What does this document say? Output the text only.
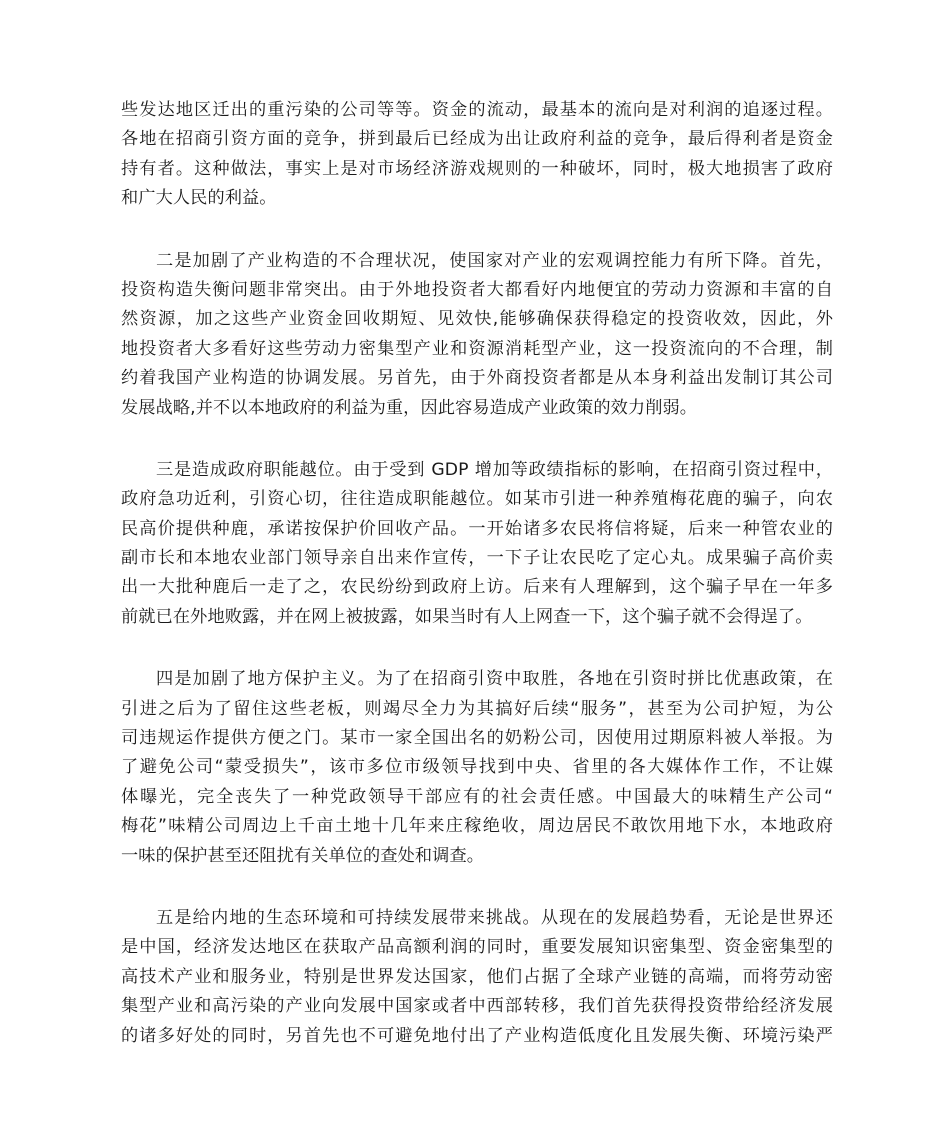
些发达地区迁出的重污染的公司等等。资金的流动，最基本的流向是对利润的追逐过程。
各地在招商引资方面的竞争，拼到最后已经成为出让政府利益的竞争，最后得利者是资金
持有者。这种做法，事实上是对市场经济游戏规则的一种破坏，同时，极大地损害了政府
和广大人民的利益。
二是加剧了产业构造的不合理状况，使国家对产业的宏观调控能力有所下降。首先，
投资构造失衡问题非常突出。由于外地投资者大都看好内地便宜的劳动力资源和丰富的自
然资源，加之这些产业资金回收期短、见效快,能够确保获得稳定的投资收效，因此，外
地投资者大多看好这些劳动力密集型产业和资源消耗型产业，这一投资流向的不合理，制
约着我国产业构造的协调发展。另首先，由于外商投资者都是从本身利益出发制订其公司
发展战略,并不以本地政府的利益为重，因此容易造成产业政策的效力削弱。
三是造成政府职能越位。由于受到 GDP 增加等政绩指标的影响，在招商引资过程中，
政府急功近利，引资心切，往往造成职能越位。如某市引进一种养殖梅花鹿的骗子，向农
民高价提供种鹿，承诺按保护价回收产品。一开始诸多农民将信将疑，后来一种管农业的
副市长和本地农业部门领导亲自出来作宣传，一下子让农民吃了定心丸。成果骗子高价卖
出一大批种鹿后一走了之，农民纷纷到政府上访。后来有人理解到，这个骗子早在一年多
前就已在外地败露，并在网上被披露，如果当时有人上网查一下，这个骗子就不会得逞了。
四是加剧了地方保护主义。为了在招商引资中取胜，各地在引资时拼比优惠政策，在
引进之后为了留住这些老板，则竭尽全力为其搞好后续“服务”，甚至为公司护短，为公
司违规运作提供方便之门。某市一家全国出名的奶粉公司，因使用过期原料被人举报。为
了避免公司“蒙受损失”，该市多位市级领导找到中央、省里的各大媒体作工作，不让媒
体曝光，完全丧失了一种党政领导干部应有的社会责任感。中国最大的味精生产公司“
梅花”味精公司周边上千亩土地十几年来庄稼绝收，周边居民不敢饮用地下水，本地政府
一味的保护甚至还阻扰有关单位的查处和调查。
五是给内地的生态环境和可持续发展带来挑战。从现在的发展趋势看，无论是世界还
是中国，经济发达地区在获取产品高额利润的同时，重要发展知识密集型、资金密集型的
高技术产业和服务业，特别是世界发达国家，他们占据了全球产业链的高端，而将劳动密
集型产业和高污染的产业向发展中国家或者中西部转移，我们首先获得投资带给经济发展
的诸多好处的同时，另首先也不可避免地付出了产业构造低度化且发展失衡、环境污染严
